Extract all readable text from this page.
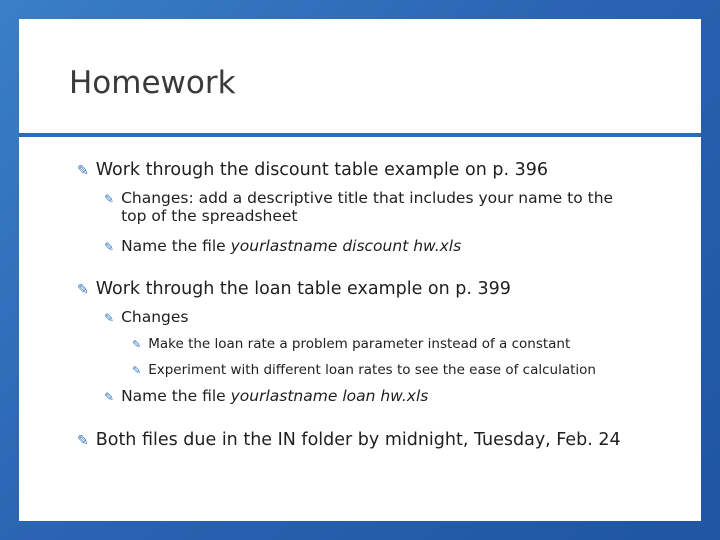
Homework
✎ Work through the discount table example on p. 396
✎ Changes: add a descriptive title that includes your name to the
top of the spreadsheet
✎ Name the file yourlastname discount hw.xls
✎ Work through the loan table example on p. 399
✎ Changes
✎ Make the loan rate a problem parameter instead of a constant
✎ Experiment with different loan rates to see the ease of calculation
✎ Name the file yourlastname loan hw.xls
✎ Both files due in the IN folder by midnight, Tuesday, Feb. 24
